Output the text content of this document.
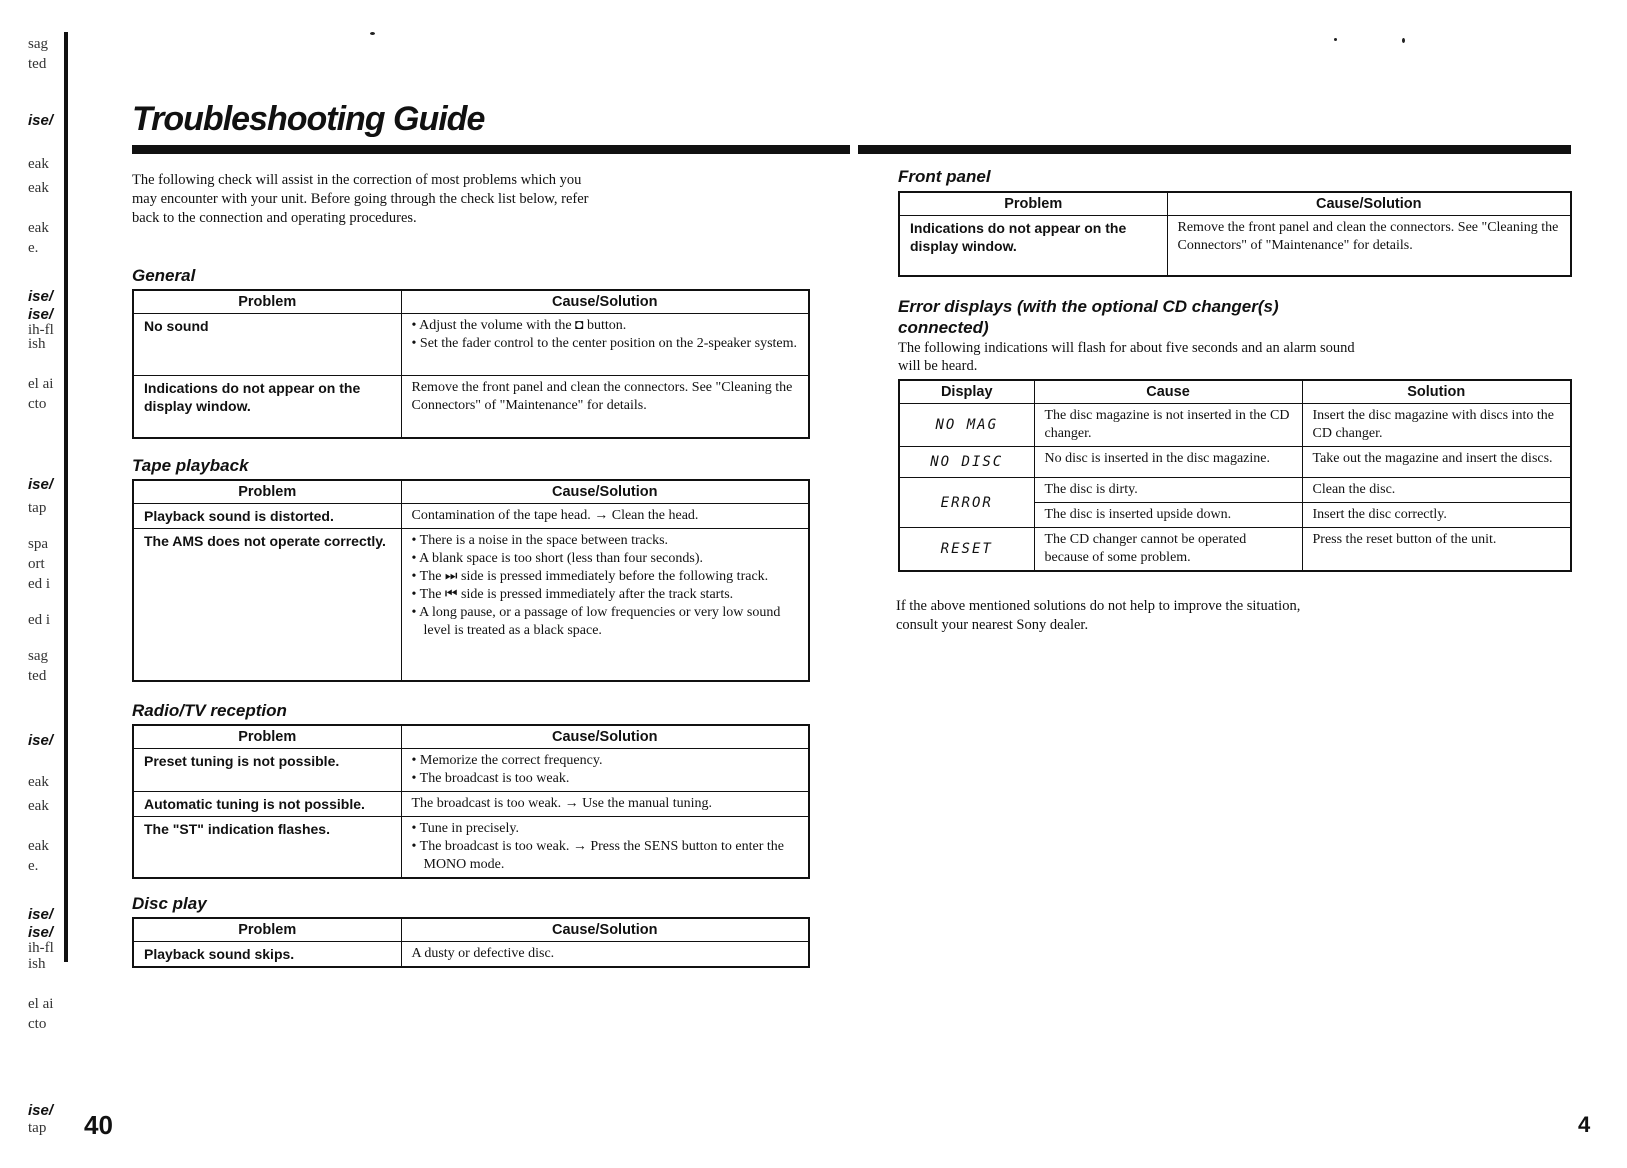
sag
ted
ise/
eak
eak
eak
e.
ise/
ise/
ih-fl
ish
el ai
cto
ise/
tap
spa
ort
ed i
ed i
sag
ted
ise/
eak
eak
eak
e.
ise/
ise/
ih-fl
ish
el ai
cto
ise/
tap
Troubleshooting Guide
The following check will assist in the correction of most problems which you may encounter with your unit. Before going through the check list below, refer back to the connection and operating procedures.
General
Problem	Cause/Solution
No sound	• Adjust the volume with the ◘ button.
• Set the fader control to the center position on the 2-speaker system.

Indications do not appear on the display window.	Remove the front panel and clean the connectors. See "Cleaning the Connectors" of "Maintenance" for details.
Tape playback
Problem	Cause/Solution
Playback sound is distorted.	Contamination of the tape head. → Clean the head.
The AMS does not operate correctly.	• There is a noise in the space between tracks.
• A blank space is too short (less than four seconds).
• The ⏭ side is pressed immediately before the following track.
• The ⏮ side is pressed immediately after the track starts.
• A long pause, or a passage of low frequencies or very low sound level is treated as a black space.
Radio/TV reception
Problem	Cause/Solution
Preset tuning is not possible.	• Memorize the correct frequency.
• The broadcast is too weak.

Automatic tuning is not possible.	The broadcast is too weak. → Use the manual tuning.
The "ST" indication flashes.	• Tune in precisely.
• The broadcast is too weak. → Press the SENS button to enter the MONO mode.
Disc play
Problem	Cause/Solution
Playback sound skips.	A dusty or defective disc.
Front panel
Problem	Cause/Solution
Indications do not appear on the display window.	Remove the front panel and clean the connectors. See "Cleaning the Connectors" of "Maintenance" for details.
Error displays (with the optional CD changer(s) connected)
The following indications will flash for about five seconds and an alarm sound will be heard.
Display	Cause	Solution
NO MAG	The disc magazine is not inserted in the CD changer.	Insert the disc magazine with discs into the CD changer.
NO DISC	No disc is inserted in the disc magazine.	Take out the magazine and insert the discs.
ERROR	The disc is dirty.	Clean the disc.
	The disc is inserted upside down.	Insert the disc correctly.
RESET	The CD changer cannot be operated because of some problem.	Press the reset button of the unit.
If the above mentioned solutions do not help to improve the situation, consult your nearest Sony dealer.
40	4
